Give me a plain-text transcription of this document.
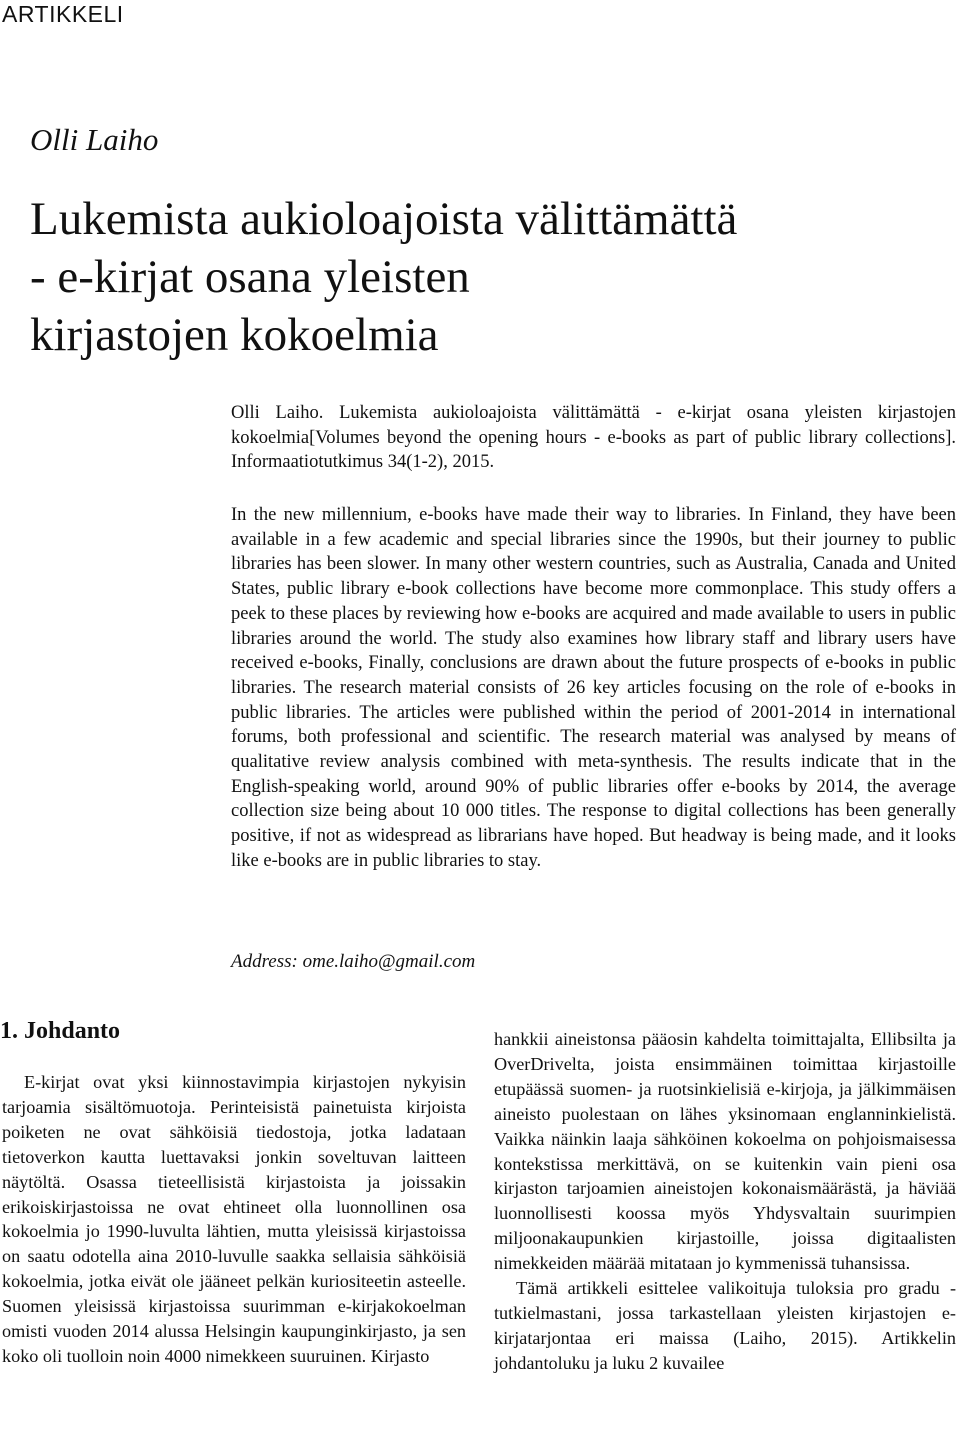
ARTIKKELI
Olli Laiho
Lukemista aukioloajoista välittämättä
- e-kirjat osana yleisten
kirjastojen kokoelmia

Olli Laiho. Lukemista aukioloajoista välittämättä - e-kirjat osana yleisten kirjastojen kokoelmia[Volumes beyond the opening hours - e-books as part of public library collections]. Informaatiotutkimus 34(1-2), 2015.

In the new millennium, e-books have made their way to libraries. In Finland, they have been available in a few academic and special libraries since the 1990s, but their journey to public libraries has been slower. In many other western countries, such as Australia, Canada and United States, public library e-book collections have become more commonplace. This study offers a peek to these places by reviewing how e-books are acquired and made available to users in public libraries around the world. The study also examines how library staff and library users have received e-books, Finally, conclusions are drawn about the future prospects of e-books in public libraries. The research material consists of 26 key articles focusing on the role of e-books in public libraries. The articles were published within the period of 2001-2014 in international forums, both professional and scientific. The research material was analysed by means of qualitative review analysis combined with meta-synthesis. The results indicate that in the English-speaking world, around 90% of public libraries offer e-books by 2014, the average collection size being about 10 000 titles. The response to digital collections has been generally positive, if not as widespread as librarians have hoped. But headway is being made, and it looks like e-books are in public libraries to stay.

Address: ome.laiho@gmail.com
1. Johdanto

E-kirjat ovat yksi kiinnostavimpia kirjastojen nykyisin tarjoamia sisältömuotoja. Perinteisistä painetuista kirjoista poiketen ne ovat sähköisiä tiedostoja, jotka ladataan tietoverkon kautta luettavaksi jonkin soveltuvan laitteen näytöltä. Osassa tieteellisistä kirjastoista ja joissakin erikoiskirjastoissa ne ovat ehtineet olla luonnollinen osa kokoelmia jo 1990-luvulta lähtien, mutta yleisissä kirjastoissa on saatu odotella aina 2010-luvulle saakka sellaisia sähköisiä kokoelmia, jotka eivät ole jääneet pelkän kuriositeetin asteelle. Suomen yleisissä kirjastoissa suurimman e-kirjakokoelman omisti vuoden 2014 alussa Helsingin kaupunginkirjasto, ja sen koko oli tuolloin noin 4000 nimekkeen suuruinen. Kirjasto

hankkii aineistonsa pääosin kahdelta toimittajalta, Ellibsilta ja OverDrivelta, joista ensimmäinen toimittaa kirjastoille etupäässä suomen- ja ruotsinkielisiä e-kirjoja, ja jälkimmäisen aineisto puolestaan on lähes yksinomaan englanninkielistä. Vaikka näinkin laaja sähköinen kokoelma on pohjoismaisessa kontekstissa merkittävä, on se kuitenkin vain pieni osa kirjaston tarjoamien aineistojen kokonaismäärästä, ja häviää luonnollisesti koossa myös Yhdysvaltain suurimpien miljoonakaupunkien kirjastoille, joissa digitaalisten nimekkeiden määrää mitataan jo kymmenissä tuhansissa.

Tämä artikkeli esittelee valikoituja tuloksia pro gradu -tutkielmastani, jossa tarkastellaan yleisten kirjastojen e-kirjatarjontaa eri maissa (Laiho, 2015). Artikkelin johdantoluku ja luku 2 kuvailee
